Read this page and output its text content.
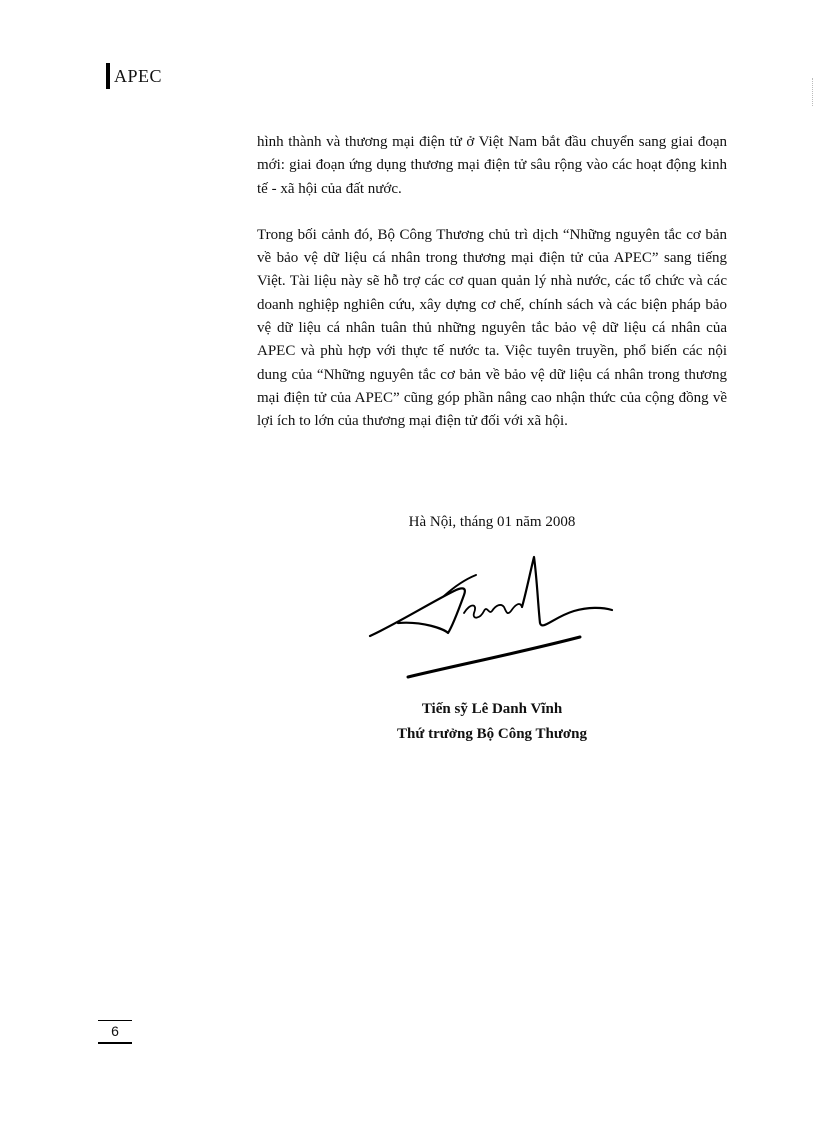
APEC

hình thành và thương mại điện tử ở Việt Nam bắt đầu chuyển sang giai đoạn mới: giai đoạn ứng dụng thương mại điện tử sâu rộng vào các hoạt động kinh tế - xã hội của đất nước.

Trong bối cảnh đó, Bộ Công Thương chủ trì dịch “Những nguyên tắc cơ bản về bảo vệ dữ liệu cá nhân trong thương mại điện tử của APEC” sang tiếng Việt. Tài liệu này sẽ hỗ trợ các cơ quan quản lý nhà nước, các tổ chức và các doanh nghiệp nghiên cứu, xây dựng cơ chế, chính sách và các biện pháp bảo vệ dữ liệu cá nhân tuân thủ những nguyên tắc bảo vệ dữ liệu cá nhân của APEC và phù hợp với thực tế nước ta. Việc tuyên truyền, phổ biến các nội dung của “Những nguyên tắc cơ bản về bảo vệ dữ liệu cá nhân trong thương mại điện tử của APEC” cũng góp phần nâng cao nhận thức của cộng đồng về lợi ích to lớn của thương mại điện tử đối với xã hội.

Hà Nội, tháng 01 năm 2008
Tiến sỹ Lê Danh Vĩnh
Thứ trưởng Bộ Công Thương
6
